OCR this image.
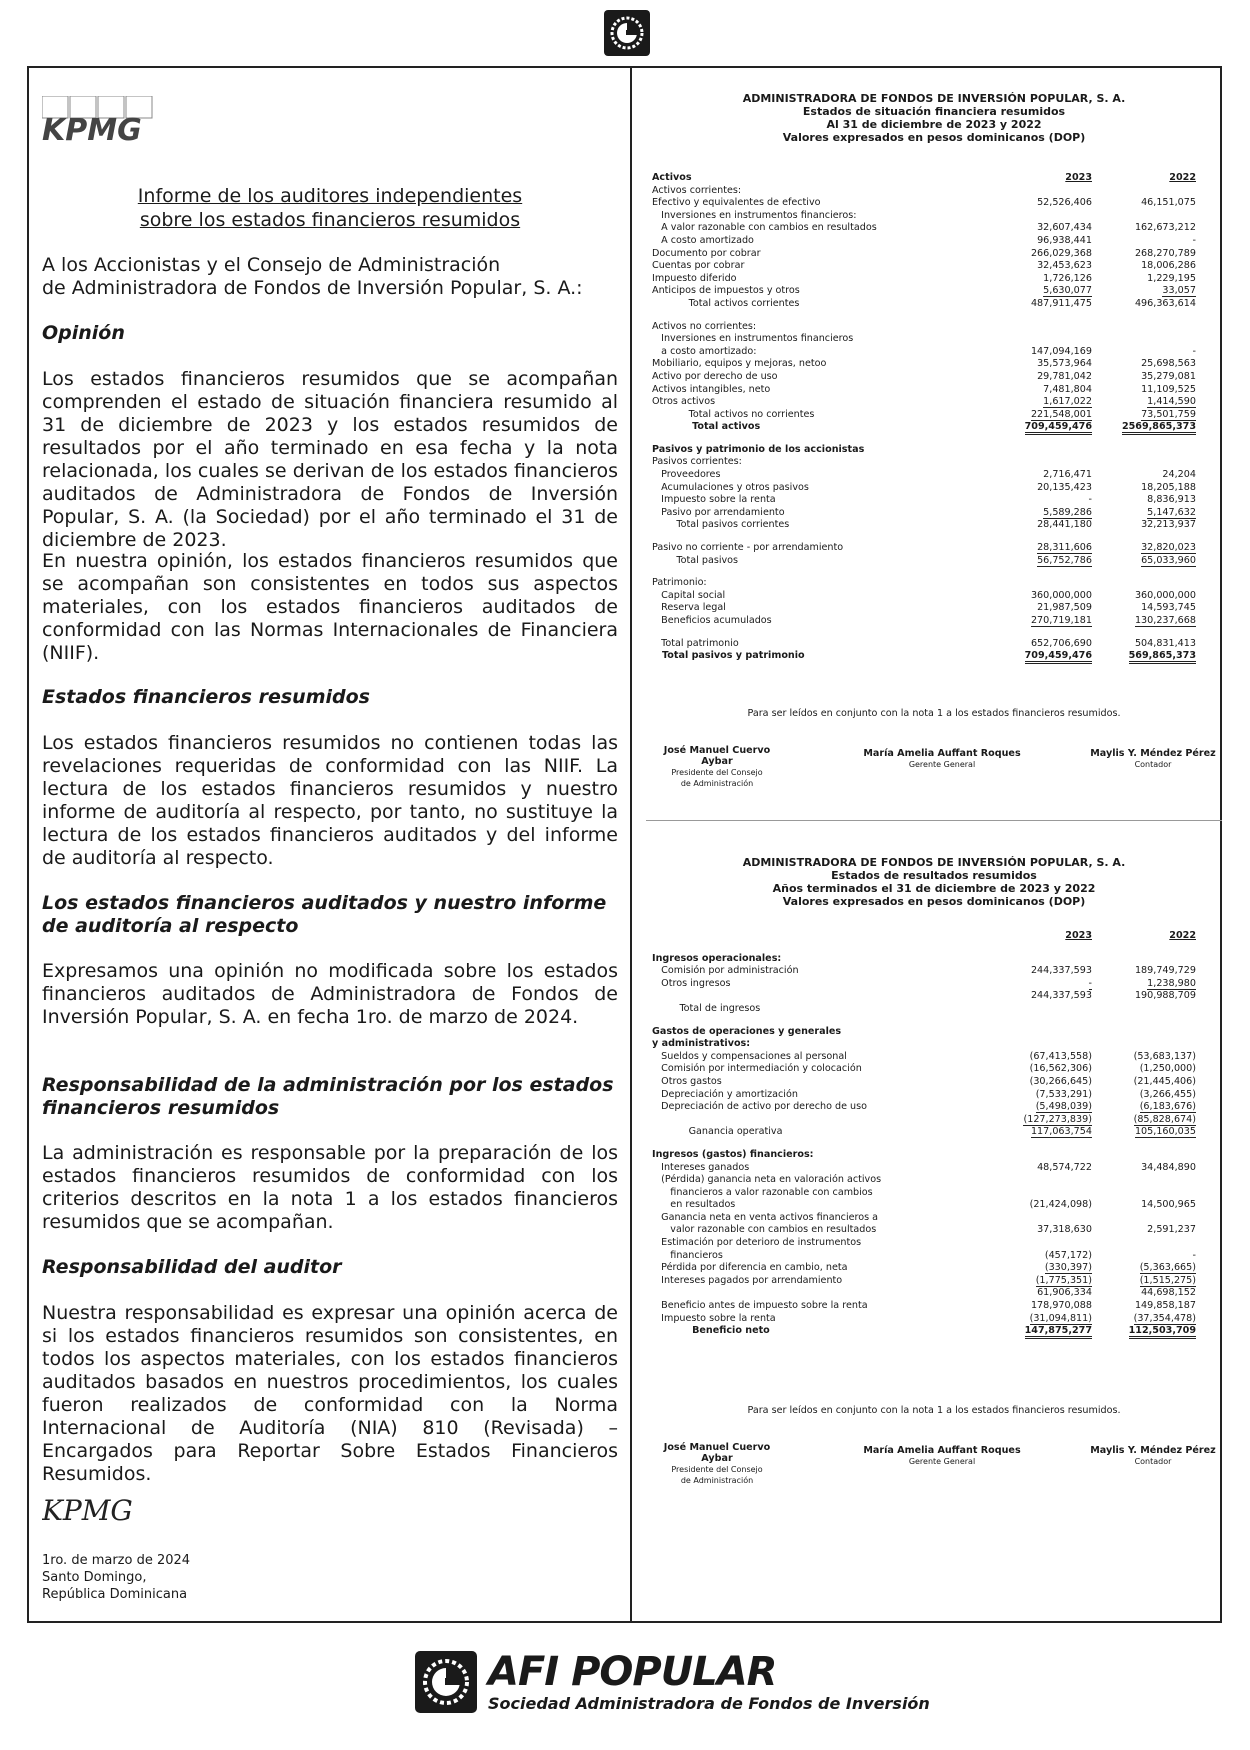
KPMG
Informe de los auditores independientes
sobre los estados financieros resumidos
A los Accionistas y el Consejo de Administración
de Administradora de Fondos de Inversión Popular, S. A.:
Opinión
Los estados financieros resumidos que se acompañan comprenden el estado de situación financiera resumido al 31 de diciembre de 2023 y los estados resumidos de resultados por el año terminado en esa fecha y la nota relacionada, los cuales se derivan de los estados financieros auditados de Administradora de Fondos de Inversión Popular, S. A. (la Sociedad) por el año terminado el 31 de diciembre de 2023.
En nuestra opinión, los estados financieros resumidos que se acompañan son consistentes en todos sus aspectos materiales, con los estados financieros auditados de conformidad con las Normas Internacionales de Financiera (NIIF).
Estados financieros resumidos
Los estados financieros resumidos no contienen todas las revelaciones requeridas de conformidad con las NIIF. La lectura de los estados financieros resumidos y nuestro informe de auditoría al respecto, por tanto, no sustituye la lectura de los estados financieros auditados y del informe de auditoría al respecto.
Los estados financieros auditados y nuestro informe de auditoría al respecto
Expresamos una opinión no modificada sobre los estados financieros auditados de Administradora de Fondos de Inversión Popular, S. A. en fecha 1ro. de marzo de 2024.
Responsabilidad de la administración por los estados financieros resumidos
La administración es responsable por la preparación de los estados financieros resumidos de conformidad con los criterios descritos en la nota 1 a los estados financieros resumidos que se acompañan.
Responsabilidad del auditor
Nuestra responsabilidad es expresar una opinión acerca de si los estados financieros resumidos son consistentes, en todos los aspectos materiales, con los estados financieros auditados basados en nuestros procedimientos, los cuales fueron realizados de conformidad con la Norma Internacional de Auditoría (NIA) 810 (Revisada) – Encargados para Reportar Sobre Estados Financieros Resumidos.
KPMG
1ro. de marzo de 2024
Santo Domingo,
República Dominicana
ADMINISTRADORA DE FONDOS DE INVERSIÓN POPULAR, S. A.
Estados de situación financiera resumidos
Al 31 de diciembre de 2023 y 2022
Valores expresados en pesos dominicanos (DOP)
Activos	2023	2022
Activos corrientes:
Efectivo y equivalentes de efectivo	52,526,406	46,151,075
Inversiones en instrumentos financieros:
A valor razonable con cambios en resultados	32,607,434	162,673,212
A costo amortizado	96,938,441	-
Documento por cobrar	266,029,368	268,270,789
Cuentas por cobrar	32,453,623	18,006,286
Impuesto diferido	1,726,126	1,229,195
Anticipos de impuestos y otros	5,630,077	33,057
Total activos corrientes	487,911,475	496,363,614
Activos no corrientes:
Inversiones en instrumentos financieros
a costo amortizado:	147,094,169	-
Mobiliario, equipos y mejoras, netoo	35,573,964	25,698,563
Activo por derecho de uso	29,781,042	35,279,081
Activos intangibles, neto	7,481,804	11,109,525
Otros activos	1,617,022	1,414,590
Total activos no corrientes	221,548,001	73,501,759
Total activos	709,459,476	2569,865,373
Pasivos y patrimonio de los accionistas
Pasivos corrientes:
Proveedores	2,716,471	24,204
Acumulaciones y otros pasivos	20,135,423	18,205,188
Impuesto sobre la renta	-	8,836,913
Pasivo por arrendamiento	5,589,286	5,147,632
Total pasivos corrientes	28,441,180	32,213,937
Pasivo no corriente - por arrendamiento	28,311,606	32,820,023
Total pasivos	56,752,786	65,033,960
Patrimonio:
Capital social	360,000,000	360,000,000
Reserva legal	21,987,509	14,593,745
Beneficios acumulados	270,719,181	130,237,668
Total patrimonio	652,706,690	504,831,413
Total pasivos y patrimonio	709,459,476	569,865,373
Para ser leídos en conjunto con la nota 1 a los estados financieros resumidos.
José Manuel Cuervo Aybar
Presidente del Consejo
de Administración
María Amelia Auffant Roques
Gerente General
Maylis Y. Méndez Pérez
Contador
ADMINISTRADORA DE FONDOS DE INVERSIÓN POPULAR, S. A.
Estados de resultados resumidos
Años terminados el 31 de diciembre de 2023 y 2022
Valores expresados en pesos dominicanos (DOP)
2023	2022
Ingresos operacionales:
Comisión por administración	244,337,593	189,749,729
Otros ingresos	-	1,238,980
244,337,593	190,988,709
Total de ingresos
Gastos de operaciones y generales
y administrativos:
Sueldos y compensaciones al personal	(67,413,558)	(53,683,137)
Comisión por intermediación y colocación	(16,562,306)	(1,250,000)
Otros gastos	(30,266,645)	(21,445,406)
Depreciación y amortización	(7,533,291)	(3,266,455)
Depreciación de activo por derecho de uso	(5,498,039)	(6,183,676)
(127,273,839)	(85,828,674)
Ganancia operativa	117,063,754	105,160,035
Ingresos (gastos) financieros:
Intereses ganados	48,574,722	34,484,890
(Pérdida) ganancia neta en valoración activos
financieros a valor razonable con cambios
en resultados	(21,424,098)	14,500,965
Ganancia neta en venta activos financieros a
valor razonable con cambios en resultados	37,318,630	2,591,237
Estimación por deterioro de instrumentos
financieros	(457,172)	-
Pérdida por diferencia en cambio, neta	(330,397)	(5,363,665)
Intereses pagados por arrendamiento	(1,775,351)	(1,515,275)
61,906,334	44,698,152
Beneficio antes de impuesto sobre la renta	178,970,088	149,858,187
Impuesto sobre la renta	(31,094,811)	(37,354,478)
Beneficio neto	147,875,277	112,503,709
Para ser leídos en conjunto con la nota 1 a los estados financieros resumidos.
José Manuel Cuervo Aybar
Presidente del Consejo
de Administración
María Amelia Auffant Roques
Gerente General
Maylis Y. Méndez Pérez
Contador
AFI POPULAR
Sociedad Administradora de Fondos de Inversión
